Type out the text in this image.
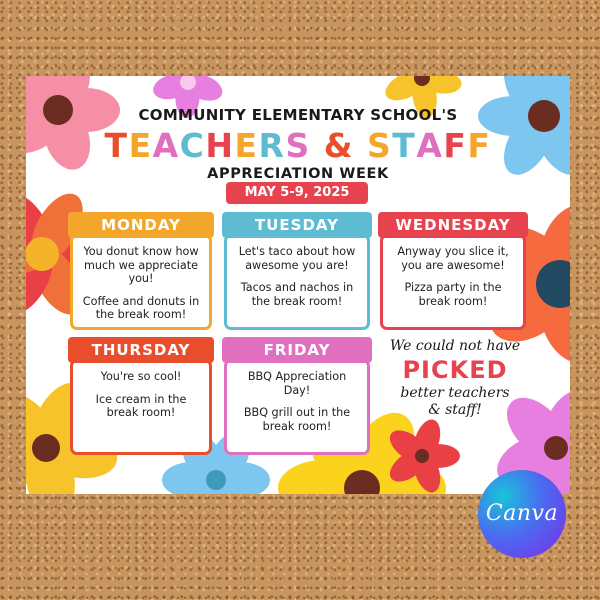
COMMUNITY ELEMENTARY SCHOOL'S
TEACHERS & STAFF
APPRECIATION WEEK
MAY 5-9, 2025

You donut know how much we appreciate you!

Coffee and donuts in the break room!

MONDAY

Let's taco about how awesome you are!

Tacos and nachos in the break room!

TUESDAY

Anyway you slice it, you are awesome!

Pizza party in the break room!

WEDNESDAY

You're so cool!

Ice cream in the break room!

THURSDAY

BBQ Appreciation Day!

BBQ grill out in the break room!

FRIDAY	We could not have
PICKED
better teachers
& staff!
Canva
